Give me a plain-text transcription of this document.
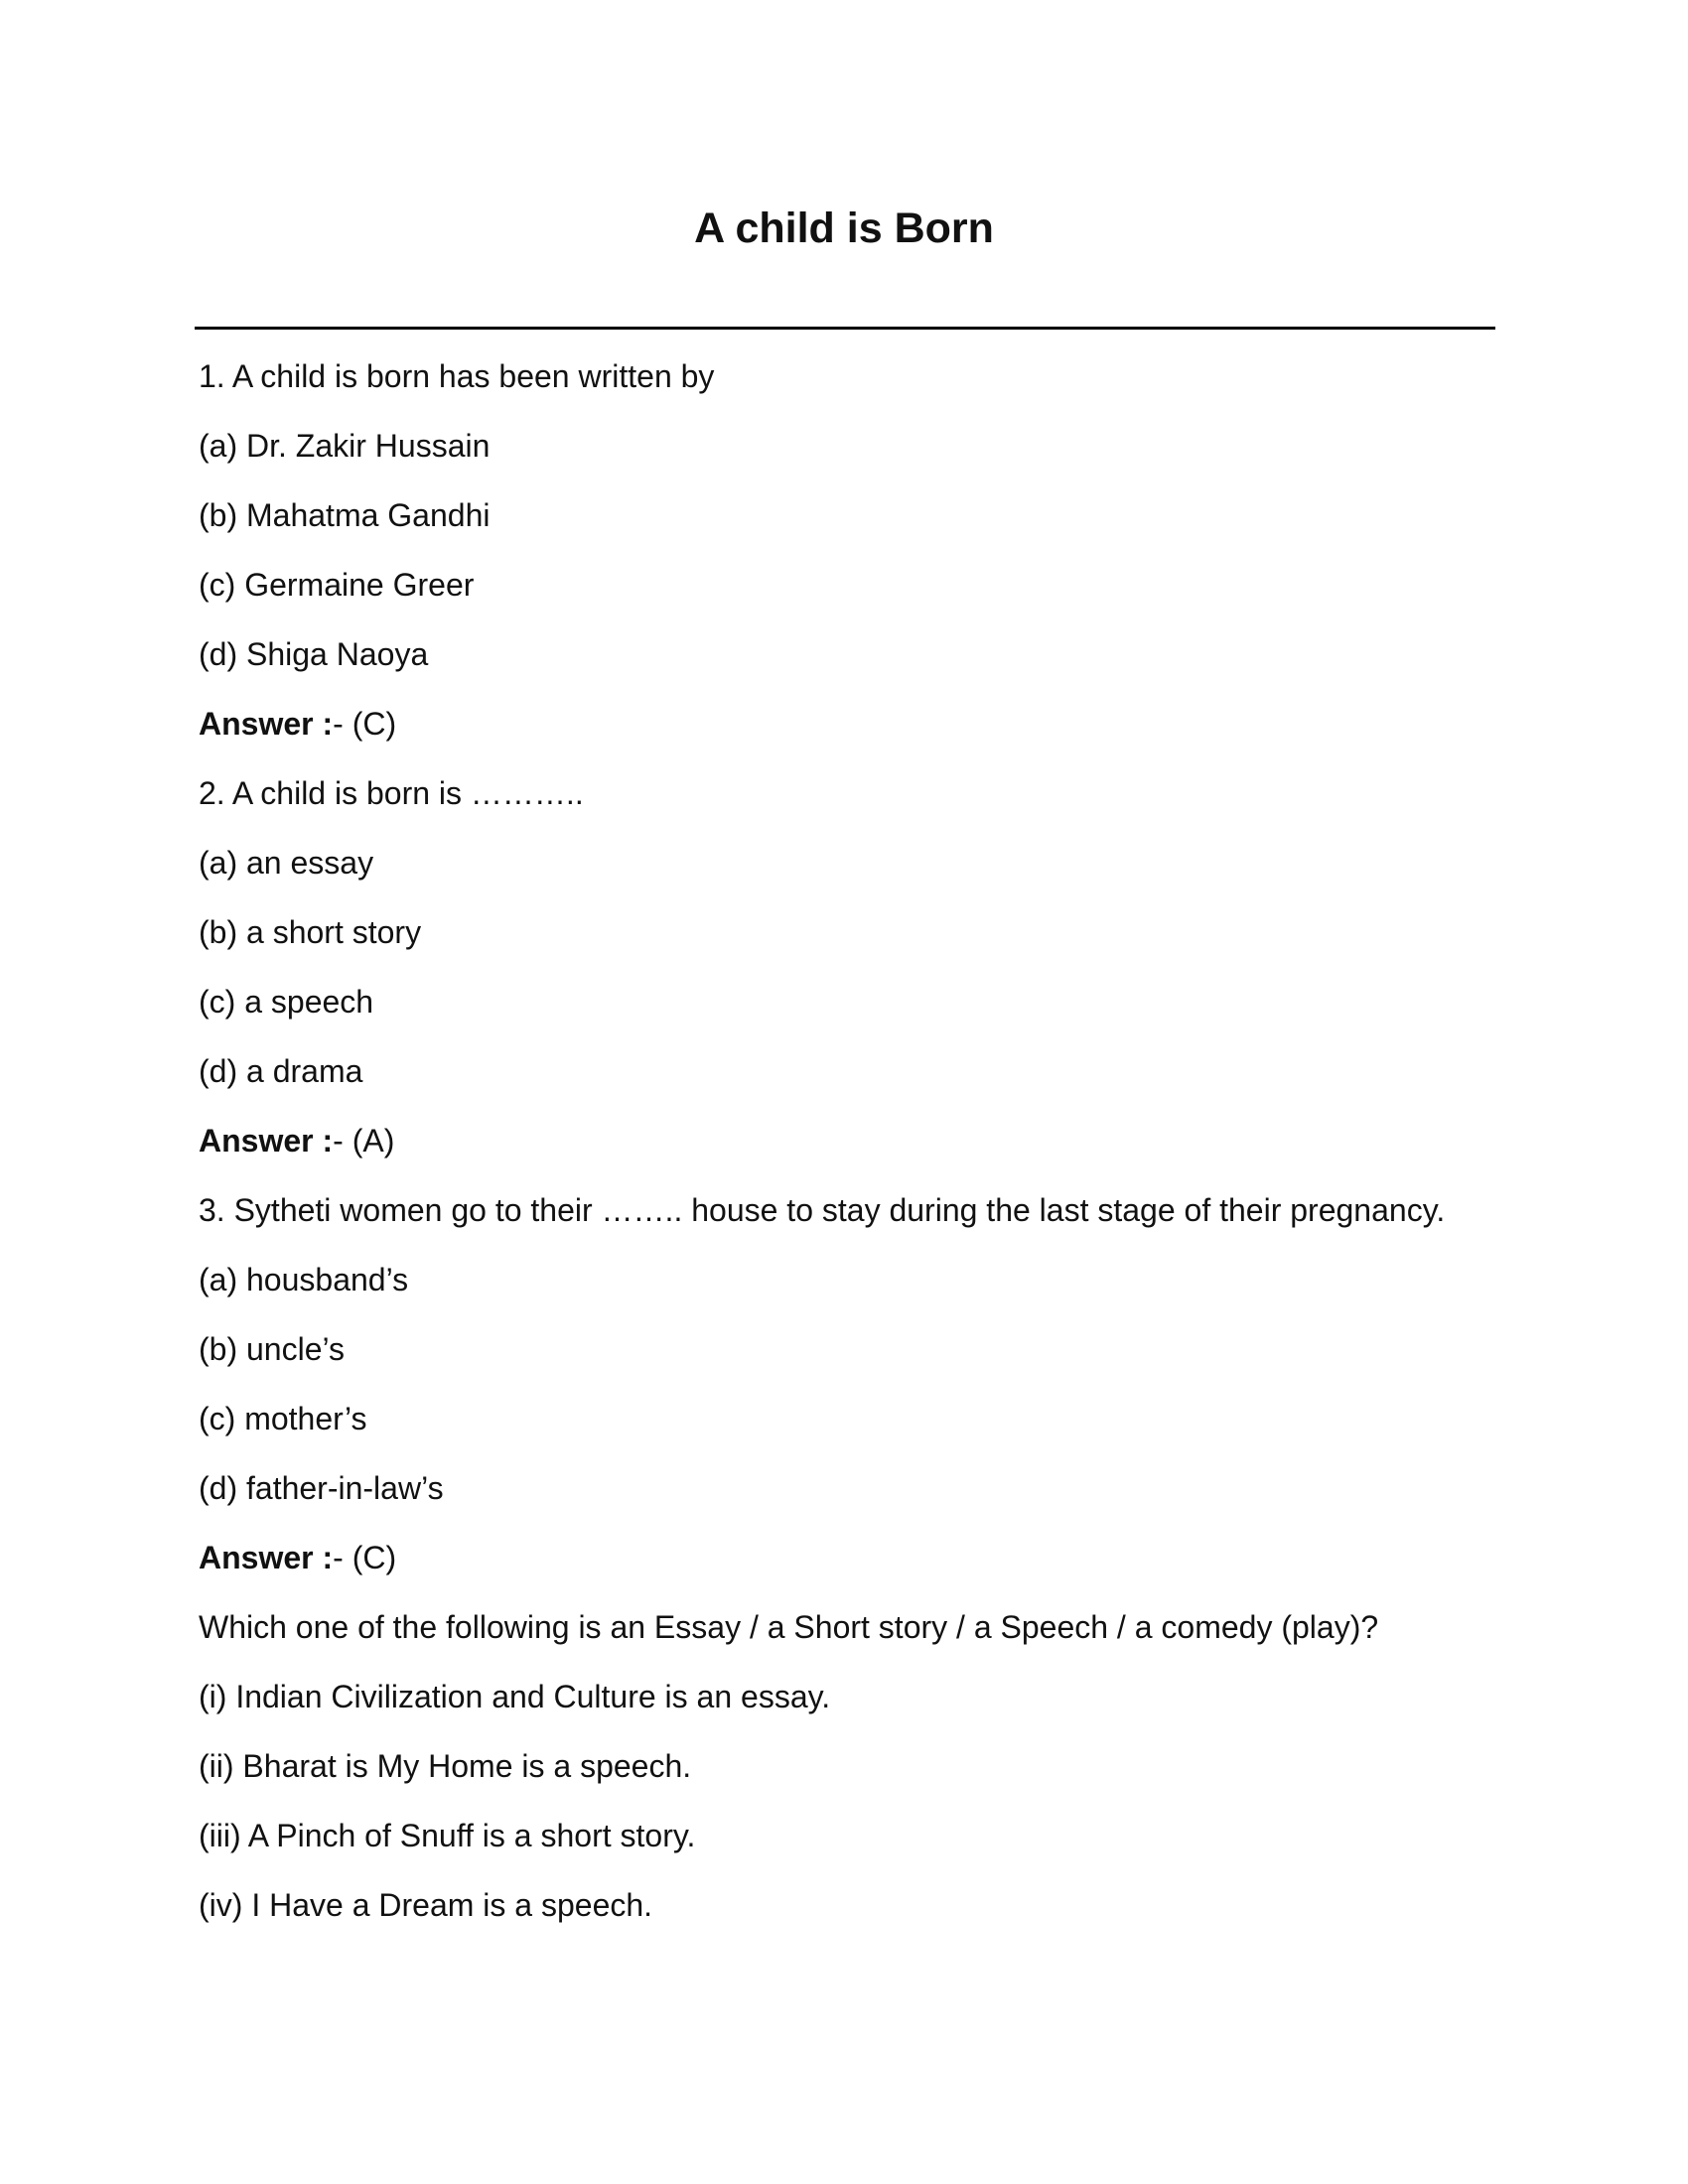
A child is Born
1. A child is born has been written by
(a) Dr. Zakir Hussain
(b) Mahatma Gandhi
(c) Germaine Greer
(d) Shiga Naoya
Answer :- (C)
2. A child is born is ………..
(a) an essay
(b) a short story
(c) a speech
(d) a drama
Answer :- (A)
3. Sytheti women go to their …….. house to stay during the last stage of their pregnancy.
(a) housband’s
(b) uncle’s
(c) mother’s
(d) father-in-law’s
Answer :- (C)
Which one of the following is an Essay / a Short story / a Speech / a comedy (play)?
(i) Indian Civilization and Culture is an essay.
(ii) Bharat is My Home is a speech.
(iii) A Pinch of Snuff is a short story.
(iv) I Have a Dream is a speech.
